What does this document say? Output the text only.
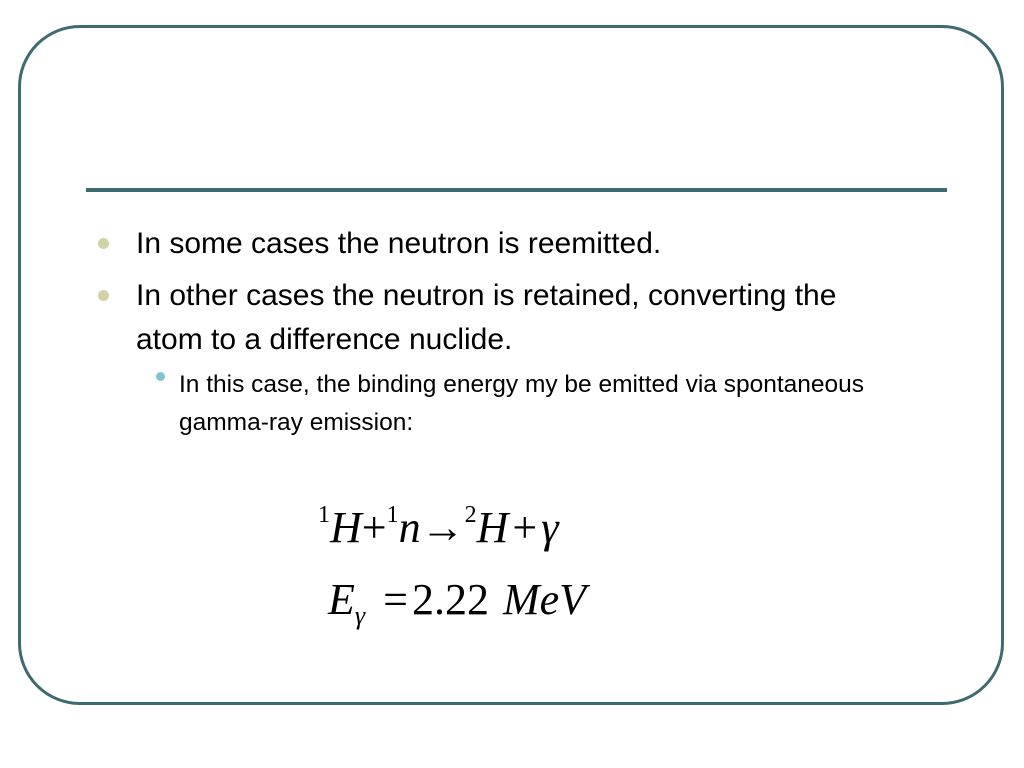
In some cases the neutron is reemitted.
In other cases the neutron is retained, converting the atom to a difference nuclide.
In this case, the binding energy my be emitted via spontaneous gamma-ray emission:
$^1$H+$^1$n→$^2$H+γ
$E_\gamma =2.22$ MeV
